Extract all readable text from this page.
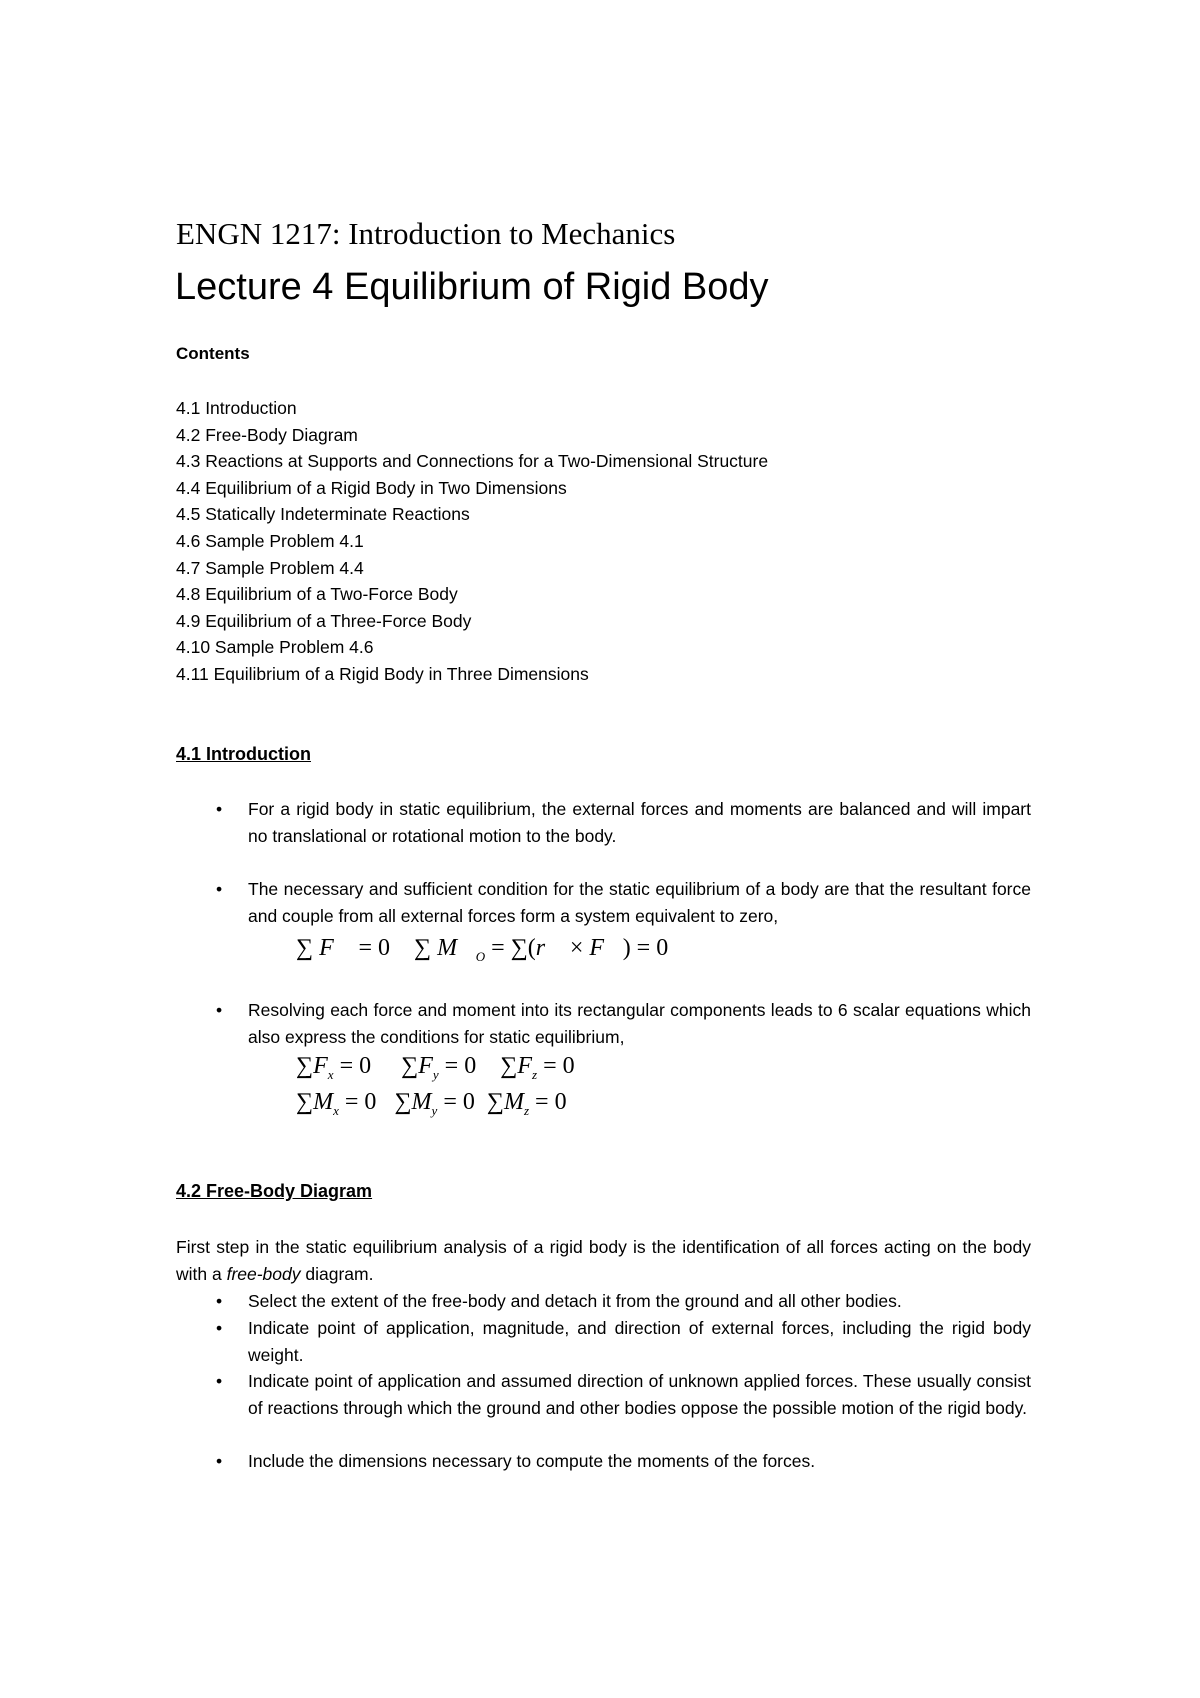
ENGN 1217: Introduction to Mechanics
Lecture 4 Equilibrium of Rigid Body
Contents
4.1 Introduction
4.2 Free-Body Diagram
4.3 Reactions at Supports and Connections for a Two-Dimensional Structure
4.4 Equilibrium of a Rigid Body in Two Dimensions
4.5 Statically Indeterminate Reactions
4.6 Sample Problem 4.1
4.7 Sample Problem 4.4
4.8 Equilibrium of a Two-Force Body
4.9 Equilibrium of a Three-Force Body
4.10 Sample Problem 4.6
4.11 Equilibrium of a Rigid Body in Three Dimensions
4.1 Introduction
• For a rigid body in static equilibrium, the external forces and moments are balanced and will impart no translational or rotational motion to the body.
• The necessary and sufficient condition for the static equilibrium of a body are that the resultant force and couple from all external forces form a system equivalent to zero,
∑ F⃗ = 0 ∑ $M⃗_O$ = ∑(r⃗ × F⃗) = 0
• Resolving each force and moment into its rectangular components leads to 6 scalar equations which also express the conditions for static equilibrium,
$\sum F_x = 0$ $\sum F_y = 0$ $\sum F_z = 0$
$\sum M_x = 0$ $\sum M_y = 0$ $\sum M_z = 0$
4.2 Free-Body Diagram
First step in the static equilibrium analysis of a rigid body is the identification of all forces acting on the body with a free-body diagram.
• Select the extent of the free-body and detach it from the ground and all other bodies.
• Indicate point of application, magnitude, and direction of external forces, including the rigid body weight.
• Indicate point of application and assumed direction of unknown applied forces. These usually consist of reactions through which the ground and other bodies oppose the possible motion of the rigid body.
• Include the dimensions necessary to compute the moments of the forces.
